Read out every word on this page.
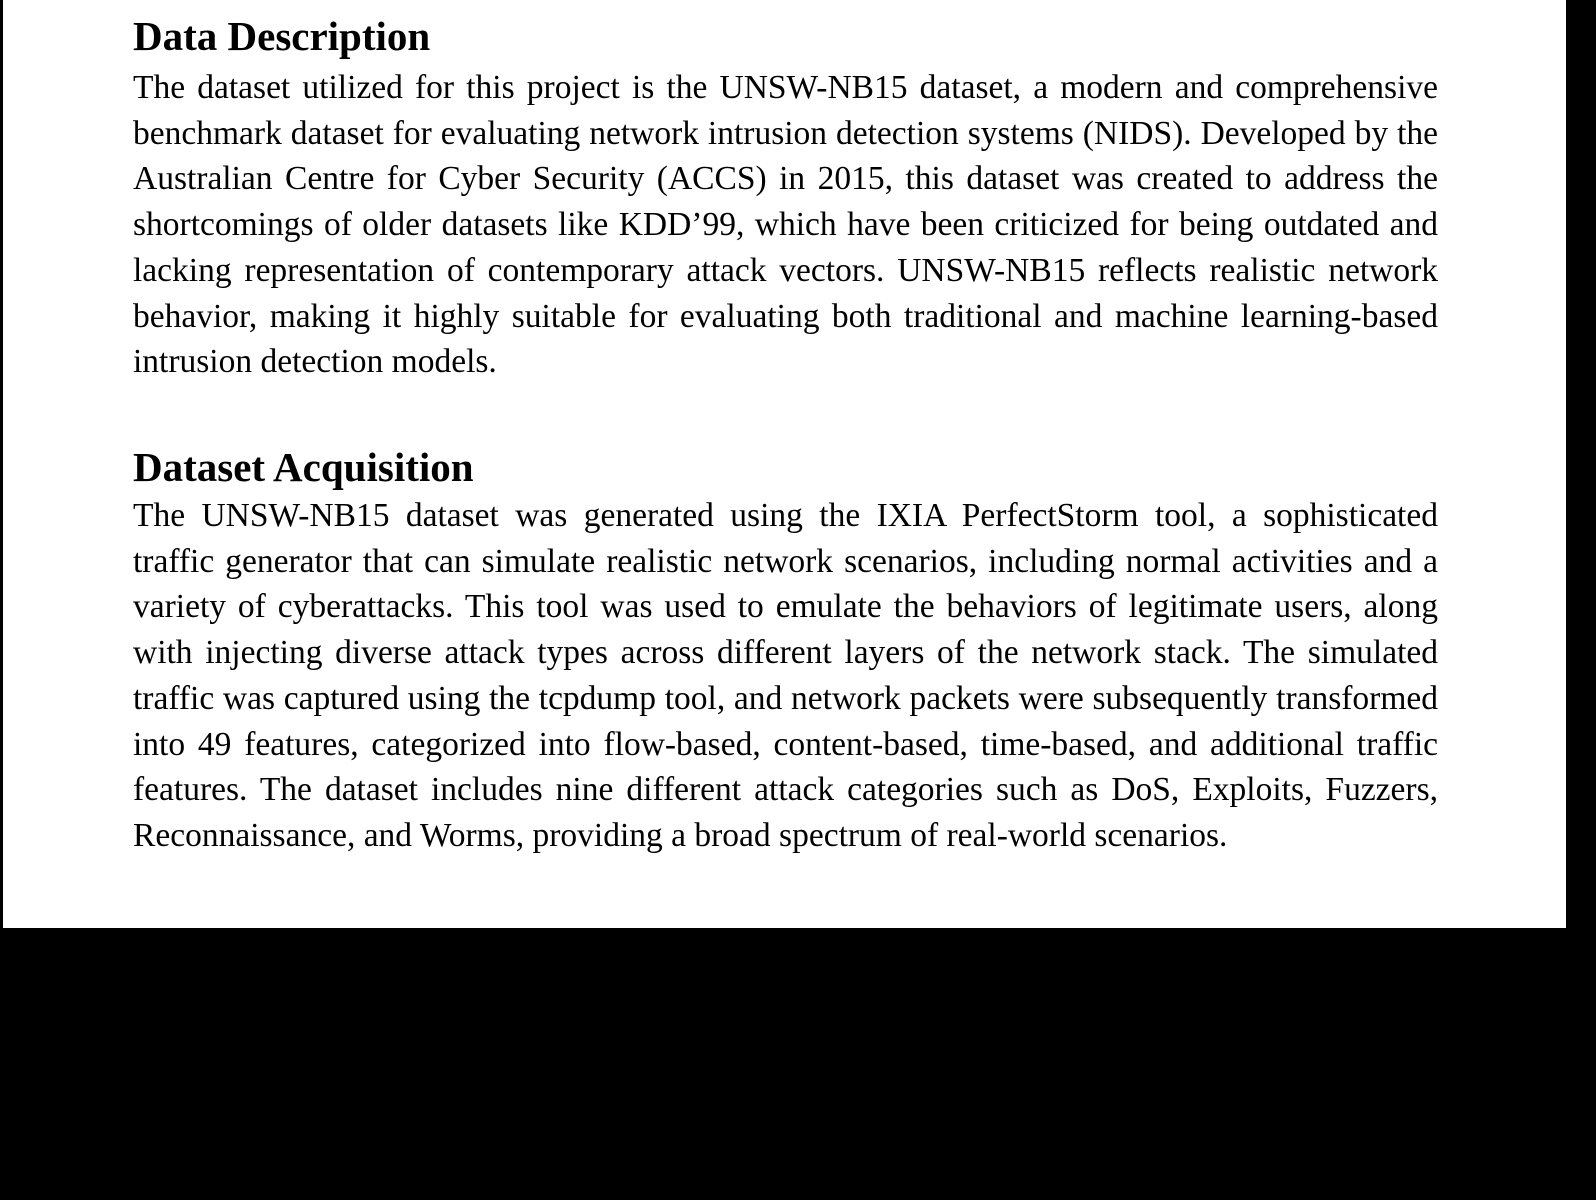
Data Description

The dataset utilized for this project is the UNSW-NB15 dataset, a modern and comprehensive benchmark dataset for evaluating network intrusion detection systems (NIDS). Developed by the Australian Centre for Cyber Security (ACCS) in 2015, this dataset was created to address the shortcomings of older datasets like KDD’99, which have been criticized for being outdated and lacking representation of contemporary attack vectors. UNSW-NB15 reflects realistic network behavior, making it highly suitable for evaluating both traditional and machine learning-based intrusion detection models.

Dataset Acquisition

The UNSW-NB15 dataset was generated using the IXIA PerfectStorm tool, a sophisticated traffic generator that can simulate realistic network scenarios, including normal activities and a variety of cyberattacks. This tool was used to emulate the behaviors of legitimate users, along with injecting diverse attack types across different layers of the network stack. The simulated traffic was captured using the tcpdump tool, and network packets were subsequently transformed into 49 features, categorized into flow-based, content-based, time-based, and additional traffic features. The dataset includes nine different attack categories such as DoS, Exploits, Fuzzers, Reconnaissance, and Worms, providing a broad spectrum of real-world scenarios.
